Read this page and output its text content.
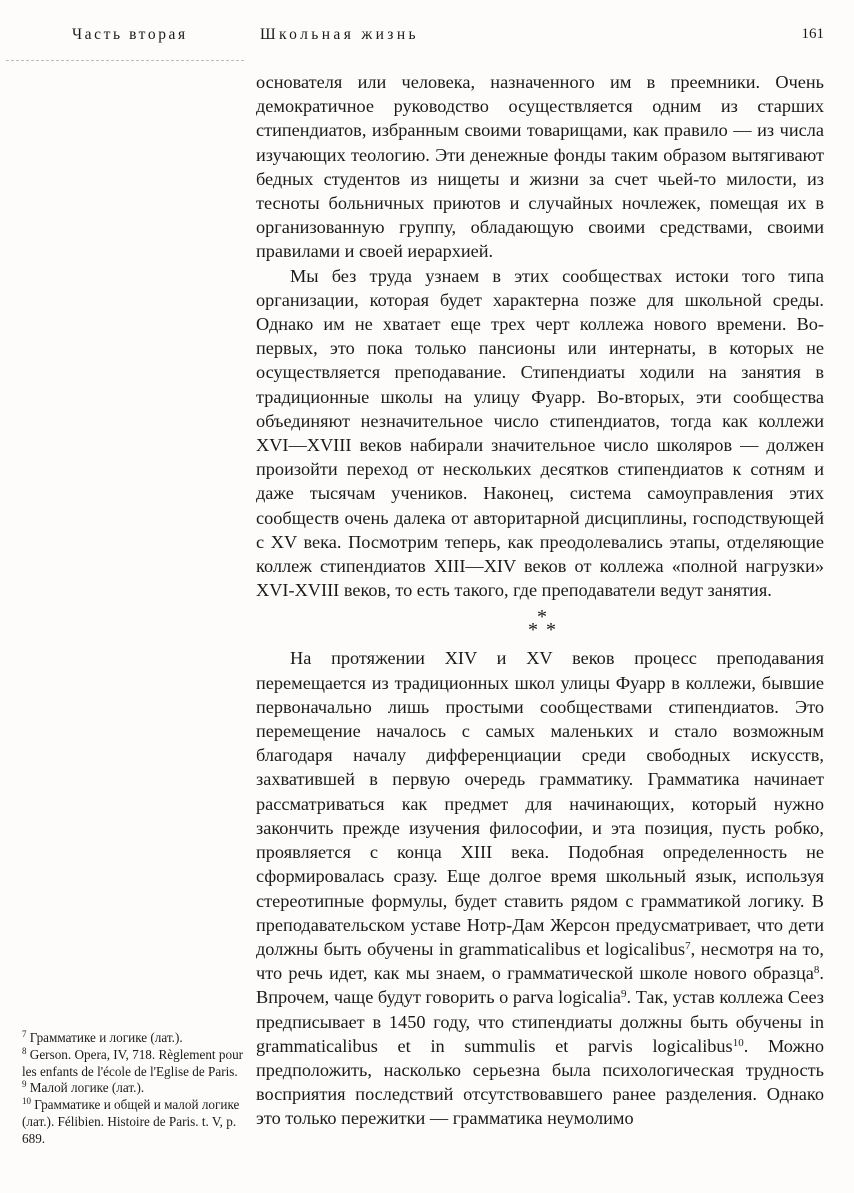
Часть вторая	Школьная жизнь	161

основателя или человека, назначенного им в преемники. Очень демократичное руководство осуществляется одним из старших стипендиатов, избранным своими товарищами, как правило — из числа изучающих теологию. Эти денежные фонды таким образом вытягивают бедных студентов из нищеты и жизни за счет чьей-то милости, из тесноты больничных приютов и случайных ночлежек, помещая их в организованную группу, обладающую своими средствами, своими правилами и своей иерархией.

Мы без труда узнаем в этих сообществах истоки того типа организации, которая будет характерна позже для школьной среды. Однако им не хватает еще трех черт коллежа нового времени. Во-первых, это пока только пансионы или интернаты, в которых не осуществляется преподавание. Стипендиаты ходили на занятия в традиционные школы на улицу Фуарр. Во-вторых, эти сообщества объединяют незначительное число стипендиатов, тогда как коллежи XVI—XVIII веков набирали значительное число школяров — должен произойти переход от нескольких десятков стипендиатов к сотням и даже тысячам учеников. Наконец, система самоуправления этих сообществ очень далека от авторитарной дисциплины, господствующей с XV века. Посмотрим теперь, как преодолевались этапы, отделяющие коллеж стипендиатов XIII—XIV веков от коллежа «полной нагрузки» XVI-XVIII веков, то есть такого, где преподаватели ведут занятия.

*
* *

На протяжении XIV и XV веков процесс преподавания перемещается из традиционных школ улицы Фуарр в коллежи, бывшие первоначально лишь простыми сообществами стипендиатов. Это перемещение началось с самых маленьких и стало возможным благодаря началу дифференциации среди свободных искусств, захватившей в первую очередь грамматику. Грамматика начинает рассматриваться как предмет для начинающих, который нужно закончить прежде изучения философии, и эта позиция, пусть робко, проявляется с конца XIII века. Подобная определенность не сформировалась сразу. Еще долгое время школьный язык, используя стереотипные формулы, будет ставить рядом с грамматикой логику. В преподавательском уставе Нотр-Дам Жерсон предусматривает, что дети должны быть обучены in grammaticalibus et logicalibus$^7$, несмотря на то, что речь идет, как мы знаем, о грамматической школе нового образца$^8$. Впрочем, чаще будут говорить о parva logicalia$^9$. Так, устав коллежа Сеез предписывает в 1450 году, что стипендиаты должны быть обучены in grammaticalibus et in summulis et parvis logicalibus$^{10}$. Можно предположить, насколько серьезна была психологическая трудность восприятия последствий отсутствовавшего ранее разделения. Однако это только пережитки — грамматика неумолимо

$^7$ Грамматике и логике (лат.).

$^8$ Gerson. Opera, IV, 718. Règlement pour les enfants de l'école de l'Eglise de Paris.

$^9$ Малой логике (лат.).

$^{10}$ Грамматике и общей и малой логике (лат.). Félibien. Histoire de Paris. t. V, p. 689.
